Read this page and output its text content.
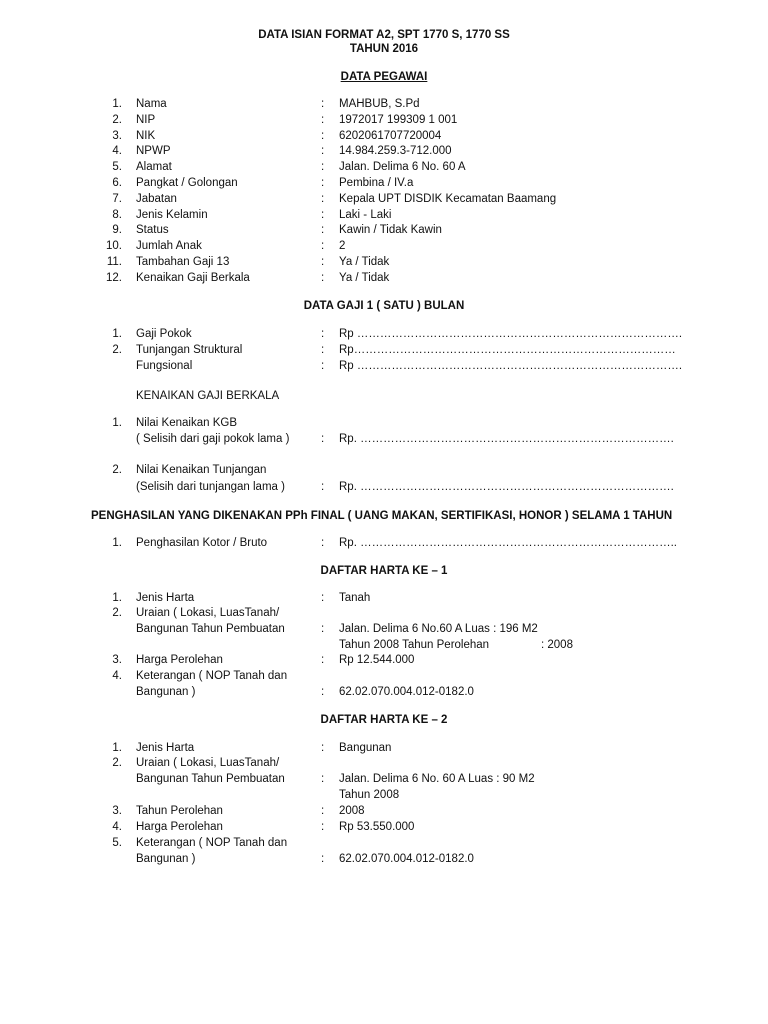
DATA ISIAN FORMAT A2, SPT 1770 S, 1770 SS
TAHUN 2016
DATA PEGAWAI
1. Nama	: MAHBUB, S.Pd
2. NIP	: 1972017 199309 1 001
3. NIK	: 6202061707720004
4. NPWP	: 14.984.259.3-712.000
5. Alamat	: Jalan. Delima 6 No. 60 A
6. Pangkat / Golongan	: Pembina / IV.a
7. Jabatan	: Kepala UPT DISDIK Kecamatan Baamang
8. Jenis Kelamin	: Laki - Laki
9. Status	: Kawin / Tidak Kawin
10. Jumlah Anak	: 2
11. Tambahan Gaji 13	: Ya / Tidak
12. Kenaikan Gaji Berkala	: Ya / Tidak
DATA GAJI 1 ( SATU ) BULAN
1. Gaji Pokok	: Rp ………………………………………………………………………….
2. Tunjangan Struktural	: Rp…………………………………………………………………………
Fungsional	: Rp ………………………………………………………………………….
KENAIKAN GAJI BERKALA
1. Nilai Kenaikan KGB
( Selisih dari gaji pokok lama )	: Rp. ……………………………………………………………………….
2. Nilai Kenaikan Tunjangan
(Selisih dari tunjangan lama )	: Rp. ……………………………………………………………………….
PENGHASILAN YANG DIKENAKAN PPh FINAL ( UANG MAKAN, SERTIFIKASI, HONOR ) SELAMA 1 TAHUN
1. Penghasilan Kotor / Bruto	: Rp. ………………………………………………………………………..
DAFTAR HARTA KE – 1
1. Jenis Harta	: Tanah
2. Uraian ( Lokasi, LuasTanah/
Bangunan Tahun Pembuatan	: Jalan. Delima 6 No.60 A Luas : 196 M2
Tahun 2008 Tahun Perolehan	: 2008
3. Harga Perolehan	: Rp 12.544.000
4. Keterangan ( NOP Tanah dan
Bangunan )	: 62.02.070.004.012-0182.0
DAFTAR HARTA KE – 2
1. Jenis Harta	: Bangunan
2. Uraian ( Lokasi, LuasTanah/
Bangunan Tahun Pembuatan	: Jalan. Delima 6 No. 60 A Luas : 90 M2
Tahun 2008
3. Tahun Perolehan	: 2008
4. Harga Perolehan	: Rp 53.550.000
5. Keterangan ( NOP Tanah dan
Bangunan )	: 62.02.070.004.012-0182.0
